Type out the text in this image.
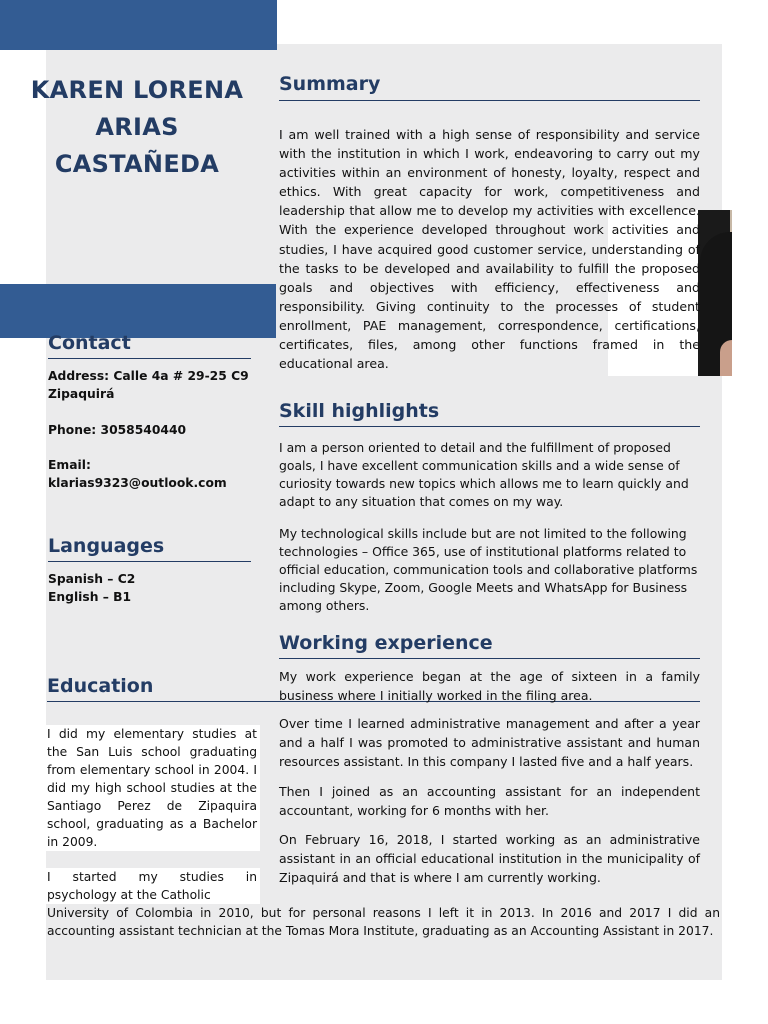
KAREN LORENA
ARIAS
CASTAÑEDA
Summary
I am well trained with a high sense of responsibility and service with the institution in which I work, endeavoring to carry out my activities within an environment of honesty, loyalty, respect and ethics. With great capacity for work, competitiveness and leadership that allow me to develop my activities with excellence. With the experience developed throughout work activities and studies, I have acquired good customer service, understanding of the tasks to be developed and availability to fulfill the proposed goals and objectives with efficiency, effectiveness and responsibility. Giving continuity to the processes of student enrollment, PAE management, correspondence, certifications, certificates, files, among other functions framed in the educational area.
Contact
Address: Calle 4a # 29-25 C9 Zipaquirá
Phone: 3058540440
Email:
klarias9323@outlook.com
Languages
Spanish – C2
English – B1
Education
I did my elementary studies at the San Luis school graduating from elementary school in 2004. I did my high school studies at the Santiago Perez de Zipaquira school, graduating as a Bachelor in 2009.
I started my studies in psychology at the Catholic
University of Colombia in 2010, but for personal reasons I left it in 2013. In 2016 and 2017 I did an accounting assistant technician at the Tomas Mora Institute, graduating as an Accounting Assistant in 2017.
Skill highlights
I am a person oriented to detail and the fulfillment of proposed goals, I have excellent communication skills and a wide sense of curiosity towards new topics which allows me to learn quickly and adapt to any situation that comes on my way.
My technological skills include but are not limited to the following technologies – Office 365, use of institutional platforms related to official education, communication tools and collaborative platforms including Skype, Zoom, Google Meets and WhatsApp for Business among others.
Working experience
My work experience began at the age of sixteen in a family business where I initially worked in the filing area.
Over time I learned administrative management and after a year and a half I was promoted to administrative assistant and human resources assistant. In this company I lasted five and a half years.
Then I joined as an accounting assistant for an independent accountant, working for 6 months with her.
On February 16, 2018, I started working as an administrative assistant in an official educational institution in the municipality of Zipaquirá and that is where I am currently working.
